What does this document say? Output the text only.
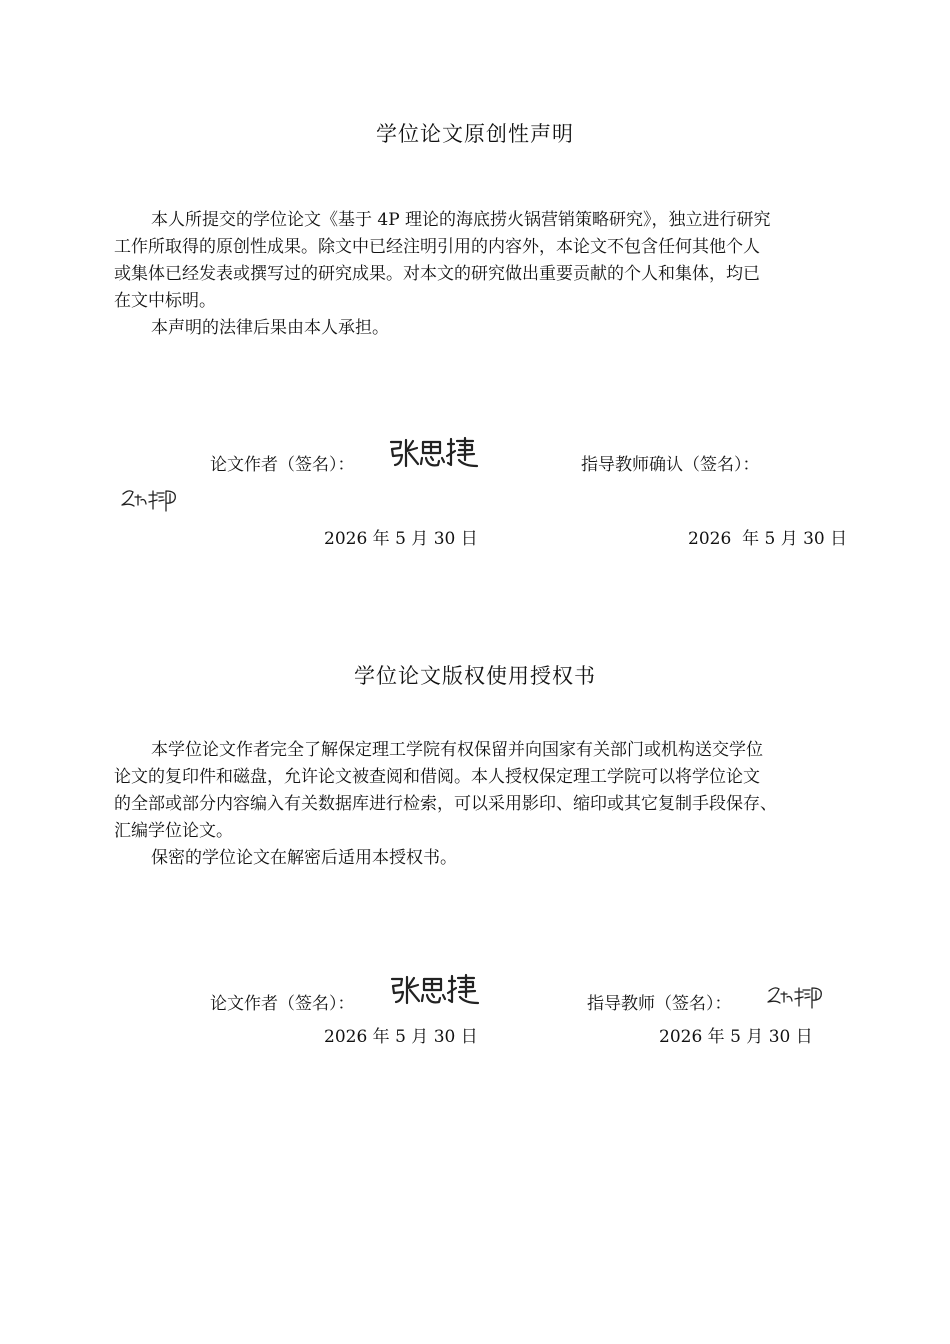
学位论文原创性声明
本人所提交的学位论文《基于 4P 理论的海底捞火锅营销策略研究》，独立进行研究
工作所取得的原创性成果。除文中已经注明引用的内容外，本论文不包含任何其他个人
或集体已经发表或撰写过的研究成果。对本文的研究做出重要贡献的个人和集体，均已
在文中标明。
本声明的法律后果由本人承担。
论文作者（签名）：	指导教师确认（签名）：
2026 年 5 月 30 日	2026  年 5 月 30 日
学位论文版权使用授权书
本学位论文作者完全了解保定理工学院有权保留并向国家有关部门或机构送交学位
论文的复印件和磁盘，允许论文被查阅和借阅。本人授权保定理工学院可以将学位论文
的全部或部分内容编入有关数据库进行检索，可以采用影印、缩印或其它复制手段保存、
汇编学位论文。
保密的学位论文在解密后适用本授权书。
论文作者（签名）：	指导教师（签名）：
2026 年 5 月 30 日	2026 年 5 月 30 日
